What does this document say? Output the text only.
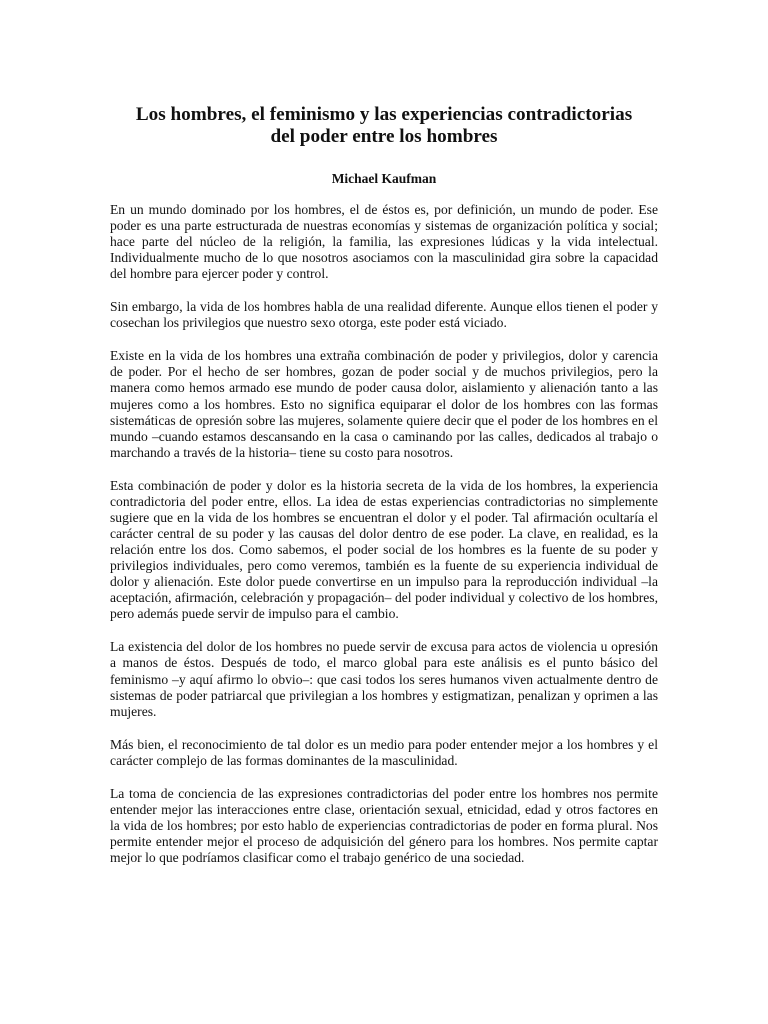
Los hombres, el feminismo y las experiencias contradictorias
del poder entre los hombres
Michael Kaufman

En un mundo dominado por los hombres, el de éstos es, por definición, un mundo de poder. Ese poder es una parte estructurada de nuestras economías y sistemas de organización política y social; hace parte del núcleo de la religión, la familia, las expresiones lúdicas y la vida intelectual. Individualmente mucho de lo que nosotros asociamos con la masculinidad gira sobre la capacidad del hombre para ejercer poder y control.

Sin embargo, la vida de los hombres habla de una realidad diferente. Aunque ellos tienen el poder y cosechan los privilegios que nuestro sexo otorga, este poder está viciado.

Existe en la vida de los hombres una extraña combinación de poder y privilegios, dolor y carencia de poder. Por el hecho de ser hombres, gozan de poder social y de muchos privilegios, pero la manera como hemos armado ese mundo de poder causa dolor, aislamiento y alienación tanto a las mujeres como a los hombres. Esto no significa equiparar el dolor de los hombres con las formas sistemáticas de opresión sobre las mujeres, solamente quiere decir que el poder de los hombres en el mundo –cuando estamos descansando en la casa o caminando por las calles, dedicados al trabajo o marchando a través de la historia– tiene su costo para nosotros.

Esta combinación de poder y dolor es la historia secreta de la vida de los hombres, la experiencia contradictoria del poder entre, ellos. La idea de estas experiencias contradictorias no simplemente sugiere que en la vida de los hombres se encuentran el dolor y el poder. Tal afirmación ocultaría el carácter central de su poder y las causas del dolor dentro de ese poder. La clave, en realidad, es la relación entre los dos. Como sabemos, el poder social de los hombres es la fuente de su poder y privilegios individuales, pero como veremos, también es la fuente de su experiencia individual de dolor y alienación. Este dolor puede convertirse en un impulso para la reproducción individual –la aceptación, afirmación, celebración y propagación– del poder individual y colectivo de los hombres, pero además puede servir de impulso para el cambio.

La existencia del dolor de los hombres no puede servir de excusa para actos de violencia u opresión a manos de éstos. Después de todo, el marco global para este análisis es el punto básico del feminismo –y aquí afirmo lo obvio–: que casi todos los seres humanos viven actualmente dentro de sistemas de poder patriarcal que privilegian a los hombres y estigmatizan, penalizan y oprimen a las mujeres.

Más bien, el reconocimiento de tal dolor es un medio para poder entender mejor a los hombres y el carácter complejo de las formas dominantes de la masculinidad.

La toma de conciencia de las expresiones contradictorias del poder entre los hombres nos permite entender mejor las interacciones entre clase, orientación sexual, etnicidad, edad y otros factores en la vida de los hombres; por esto hablo de experiencias contradictorias de poder en forma plural. Nos permite entender mejor el proceso de adquisición del género para los hombres. Nos permite captar mejor lo que podríamos clasificar como el trabajo genérico de una sociedad.
